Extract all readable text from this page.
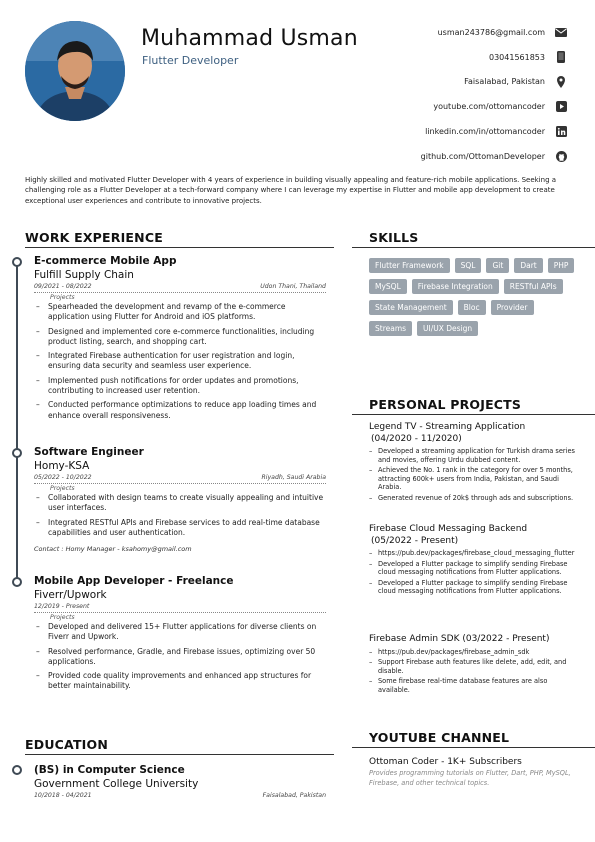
Muhammad Usman
Flutter Developer
usman243786@gmail.com
03041561853
Faisalabad, Pakistan
youtube.com/ottomancoder
linkedin.com/in/ottomancoder
github.com/OttomanDeveloper
Highly skilled and motivated Flutter Developer with 4 years of experience in building visually appealing and feature-rich mobile applications. Seeking a challenging role as a Flutter Developer at a tech-forward company where I can leverage my expertise in Flutter and mobile app development to create exceptional user experiences and contribute to innovative projects.
WORK EXPERIENCE
E-commerce Mobile App
Fulfill Supply Chain
09/2021 - 08/2022	Udon Thani, Thailand
Projects
–	Spearheaded the development and revamp of the e-commerce application using Flutter for Android and iOS platforms.
–	Designed and implemented core e-commerce functionalities, including product listing, search, and shopping cart.
–	Integrated Firebase authentication for user registration and login, ensuring data security and seamless user experience.
–	Implemented push notifications for order updates and promotions, contributing to increased user retention.
–	Conducted performance optimizations to reduce app loading times and enhance overall responsiveness.
Software Engineer
Homy-KSA
05/2022 - 10/2022	Riyadh, Saudi Arabia
Projects
–	Collaborated with design teams to create visually appealing and intuitive user interfaces.
–	Integrated RESTful APIs and Firebase services to add real-time database capabilities and user authentication.
Contact : Homy Manager - ksahomy@gmail.com
Mobile App Developer - Freelance
Fiverr/Upwork
12/2019 - Present
Projects
–	Developed and delivered 15+ Flutter applications for diverse clients on Fiverr and Upwork.
–	Resolved performance, Gradle, and Firebase issues, optimizing over 50 applications.
–	Provided code quality improvements and enhanced app structures for better maintainability.
EDUCATION
(BS) in Computer Science
Government College University
10/2018 - 04/2021	Faisalabad, Pakistan
SKILLS
Flutter Framework	SQL	Git	Dart	PHP
MySQL	Firebase Integration	RESTful APIs
State Management	Bloc	Provider
Streams	UI/UX Design
PERSONAL PROJECTS
Legend TV - Streaming Application
(04/2020 - 11/2020)
– Developed a streaming application for Turkish drama series and movies, offering Urdu dubbed content.
– Achieved the No. 1 rank in the category for over 5 months, attracting 600k+ users from India, Pakistan, and Saudi Arabia.
– Generated revenue of 20k$ through ads and subscriptions.
Firebase Cloud Messaging Backend
(05/2022 - Present)
– https://pub.dev/packages/firebase_cloud_messaging_flutter
– Developed a Flutter package to simplify sending Firebase cloud messaging notifications from Flutter applications.
– Developed a Flutter package to simplify sending Firebase cloud messaging notifications from Flutter applications.
Firebase Admin SDK (03/2022 - Present)
– https://pub.dev/packages/firebase_admin_sdk
– Support Firebase auth features like delete, add, edit, and disable.
– Some firebase real-time database features are also available.
YOUTUBE CHANNEL
Ottoman Coder - 1K+ Subscribers
Provides programming tutorials on Flutter, Dart, PHP, MySQL, Firebase, and other technical topics.
